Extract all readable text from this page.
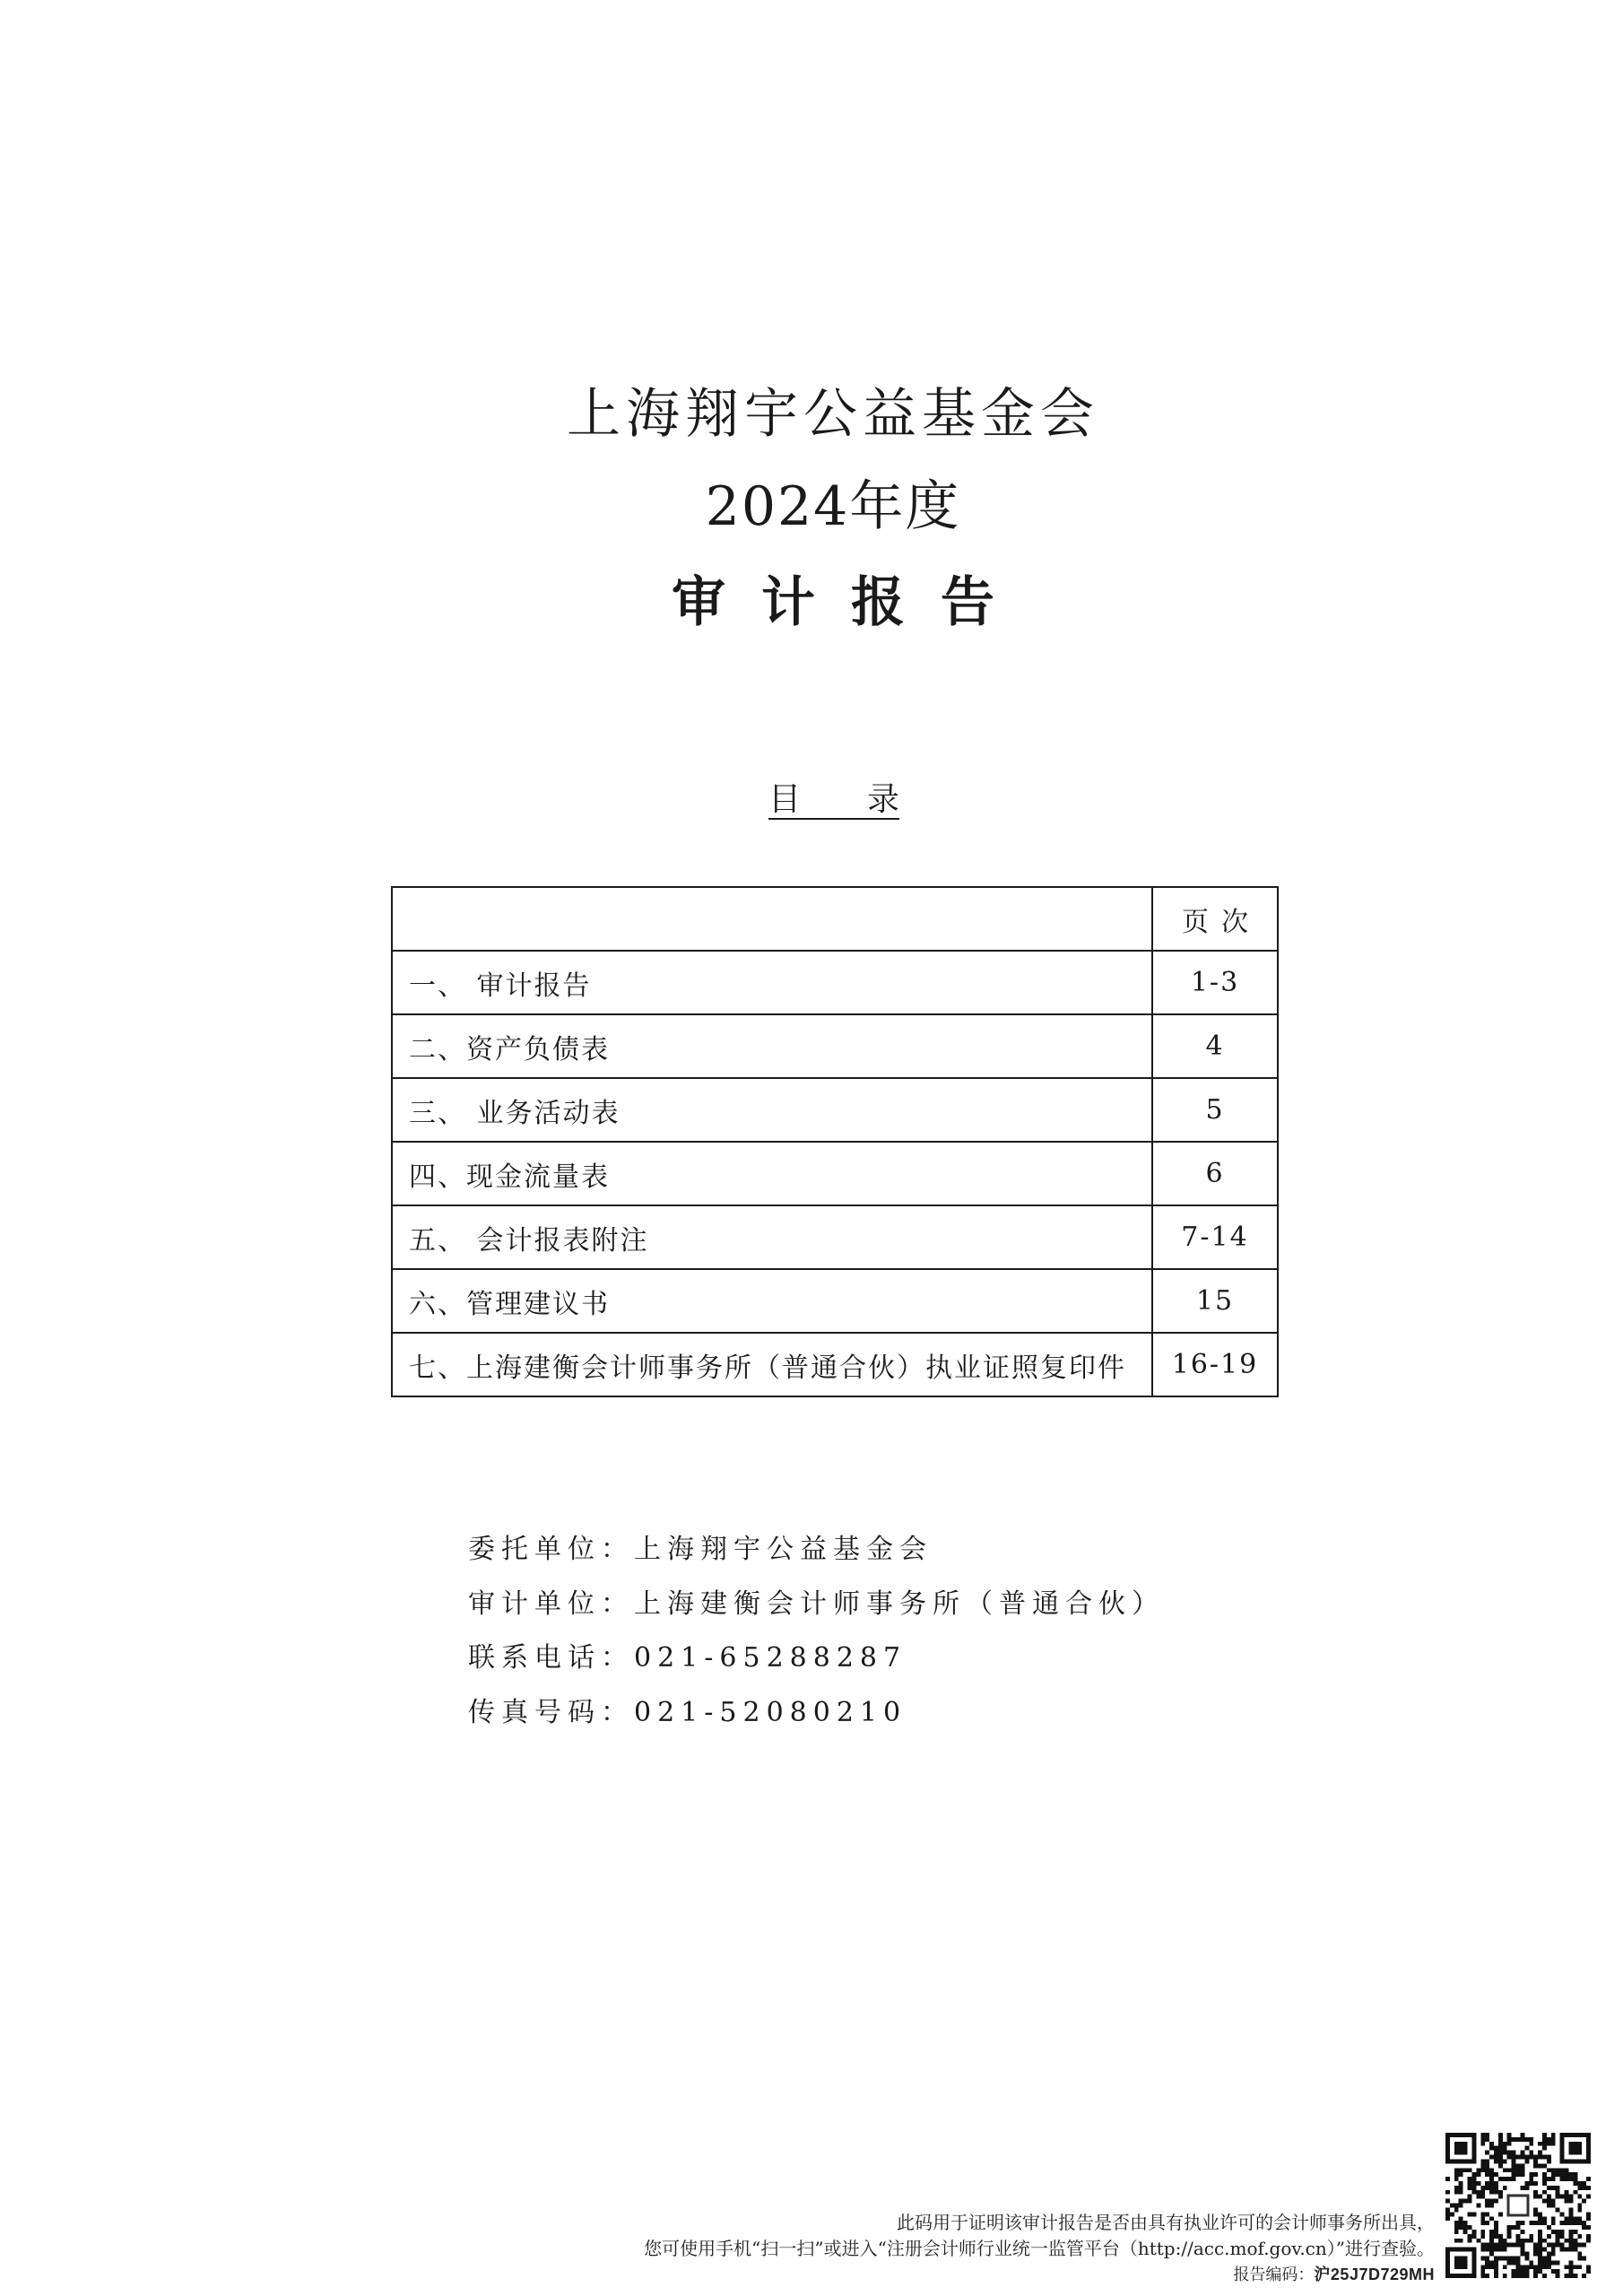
上海翔宇公益基金会
2024年度
审计报告
目录
	页次
一、 审计报告	1-3
二、资产负债表	4
三、 业务活动表	5
四、现金流量表	6
五、 会计报表附注	7-14
六、管理建议书	15
七、上海建衡会计师事务所（普通合伙）执业证照复印件	16-19
委托单位：上海翔宇公益基金会
审计单位：上海建衡会计师事务所（普通合伙）
联系电话：021-65288287
传真号码：021-52080210
此码用于证明该审计报告是否由具有执业许可的会计师事务所出具，
您可使用手机“扫一扫”或进入“注册会计师行业统一监管平台（http://acc.mof.gov.cn）”进行查验。
报告编码：沪25J7D729MH
